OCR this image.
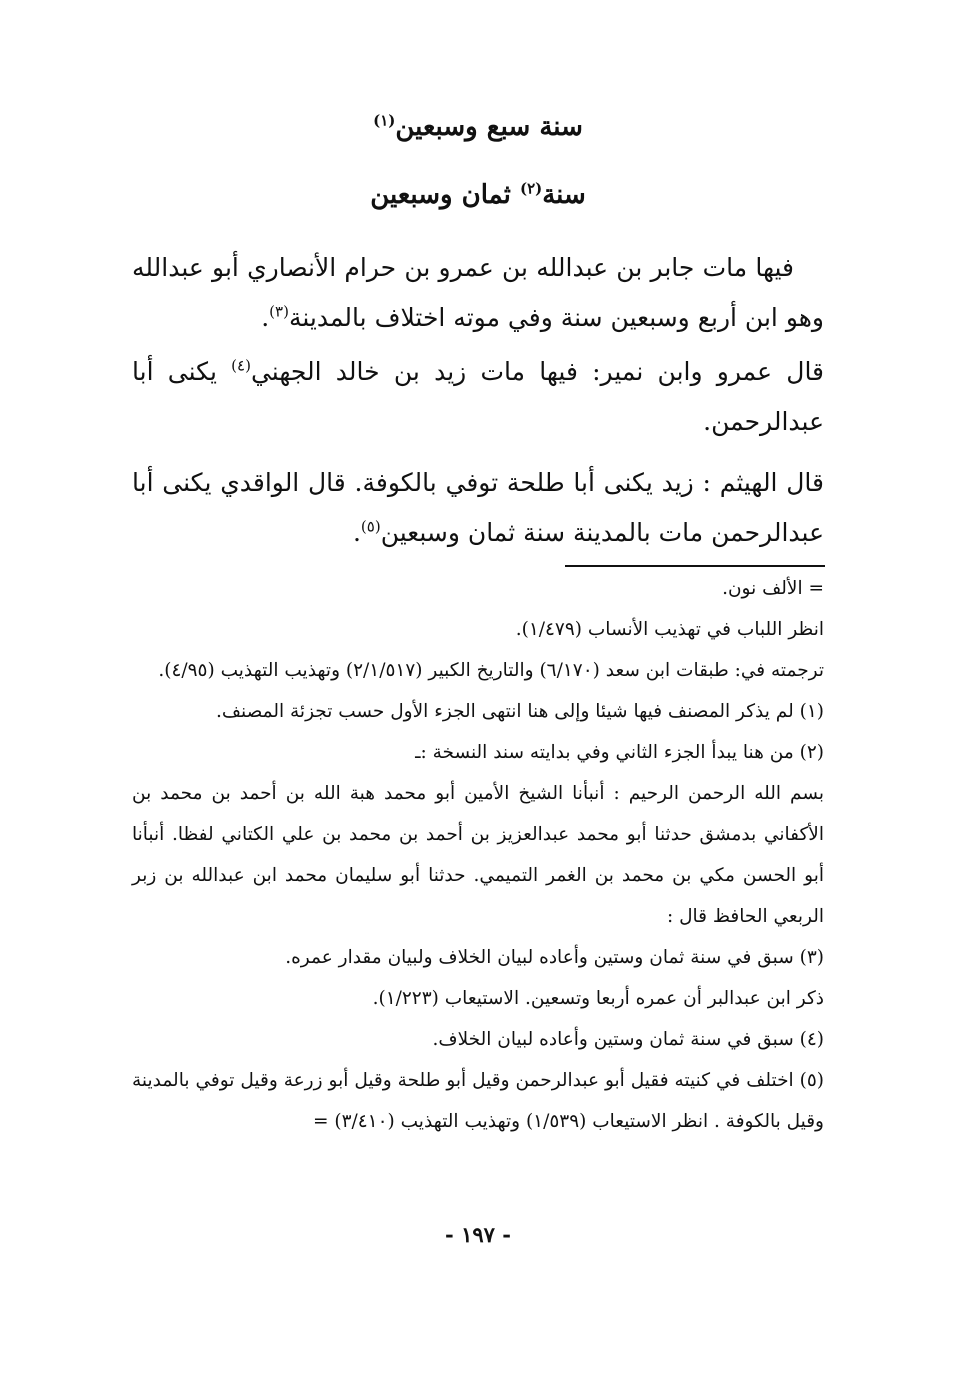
سنة سبع وسبعين$^{(١)}$
سنة$^{(٢)}$ ثمان وسبعين

فيها مات جابر بن عبدالله بن عمرو بن حرام الأنصاري أبو عبدالله وهو ابن أربع وسبعين سنة وفي موته اختلاف بالمدينة$^{(٣)}$.

قال عمرو وابن نمير: فيها مات زيد بن خالد الجهني$^{(٤)}$ يكنى أبا عبدالرحمن.

قال الهيثم : زيد يكنى أبا طلحة توفي بالكوفة. قال الواقدي يكنى أبا عبدالرحمن مات بالمدينة سنة ثمان وسبعين$^{(٥)}$.

= الألف نون.

انظر اللباب في تهذيب الأنساب (١/٤٧٩).

ترجمته في: طبقات ابن سعد (٦/١٧٠) والتاريخ الكبير (٢/١/٥١٧) وتهذيب التهذيب (٤/٩٥).

(١) لم يذكر المصنف فيها شيئا وإلى هنا انتهى الجزء الأول حسب تجزئة المصنف.

(٢) من هنا يبدأ الجزء الثاني وفي بدايته سند النسخة :ـ

بسم الله الرحمن الرحيم : أنبأنا الشيخ الأمين أبو محمد هبة الله بن أحمد بن محمد بن الأكفاني بدمشق حدثنا أبو محمد عبدالعزيز بن أحمد بن محمد بن علي الكتاني لفظا. أنبأنا أبو الحسن مكي بن محمد بن الغمر التميمي. حدثنا أبو سليمان محمد ابن عبدالله بن زبر الربعي الحافظ قال :

(٣) سبق في سنة ثمان وستين وأعاده لبيان الخلاف ولبيان مقدار عمره.

ذكر ابن عبدالبر أن عمره أربعا وتسعين. الاستيعاب (١/٢٢٣).

(٤) سبق في سنة ثمان وستين وأعاده لبيان الخلاف.

(٥) اختلف في كنيته فقيل أبو عبدالرحمن وقيل أبو طلحة وقيل أبو زرعة وقيل توفي بالمدينة وقيل بالكوفة . انظر الاستيعاب (١/٥٣٩) وتهذيب التهذيب (٣/٤١٠) =

- ١٩٧ -
